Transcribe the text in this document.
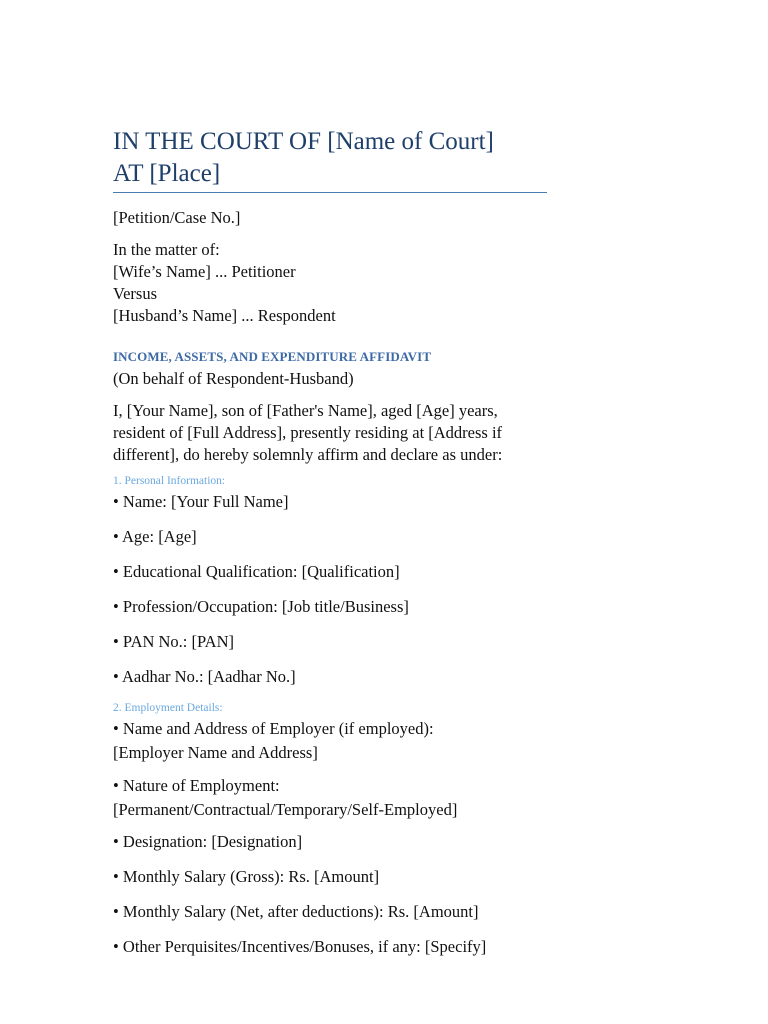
IN THE COURT OF [Name of Court]
AT [Place]
[Petition/Case No.]
In the matter of:
[Wife’s Name] ... Petitioner
Versus
[Husband’s Name] ... Respondent
INCOME, ASSETS, AND EXPENDITURE AFFIDAVIT
(On behalf of Respondent-Husband)
I, [Your Name], son of [Father's Name], aged [Age] years,
resident of [Full Address], presently residing at [Address if
different], do hereby solemnly affirm and declare as under:
1. Personal Information:
• Name: [Your Full Name]
• Age: [Age]
• Educational Qualification: [Qualification]
• Profession/Occupation: [Job title/Business]
• PAN No.: [PAN]
• Aadhar No.: [Aadhar No.]
2. Employment Details:
• Name and Address of Employer (if employed):
[Employer Name and Address]
• Nature of Employment:
[Permanent/Contractual/Temporary/Self-Employed]
• Designation: [Designation]
• Monthly Salary (Gross): Rs. [Amount]
• Monthly Salary (Net, after deductions): Rs. [Amount]
• Other Perquisites/Incentives/Bonuses, if any: [Specify]
